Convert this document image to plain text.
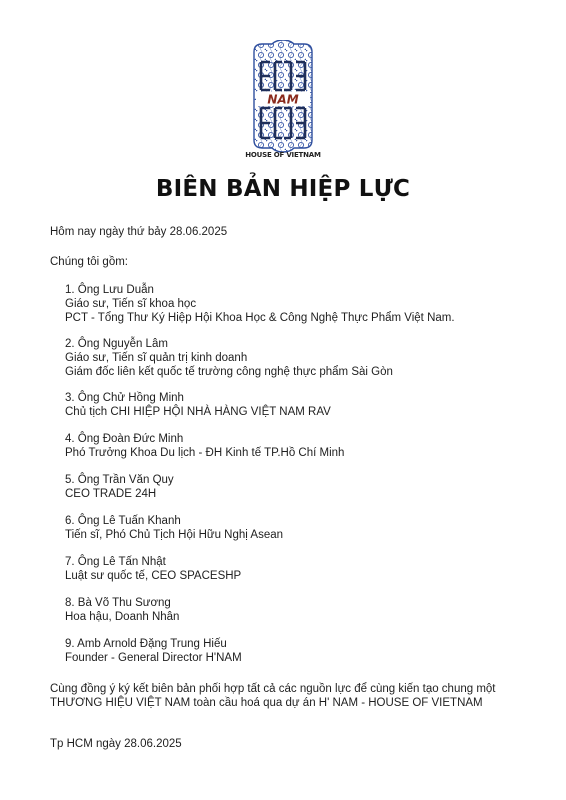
NAM
HOUSE OF VIETNAM
BIÊN BẢN HIỆP LỰC
Hôm nay ngày thứ bảy 28.06.2025
Chúng tôi gồm:
1. Ông Lưu Duẫn
Giáo sư, Tiến sĩ khoa học
PCT - Tổng Thư Ký Hiệp Hội Khoa Học & Công Nghệ Thực Phẩm Việt Nam.
2. Ông Nguyễn Lâm
Giáo sư, Tiến sĩ quản trị kinh doanh
Giám đốc liên kết quốc tế trường công nghệ thực phẩm Sài Gòn
3. Ông Chử Hồng Minh
Chủ tịch CHI HIỆP HỘI NHÀ HÀNG VIỆT NAM RAV
4. Ông Đoàn Đức Minh
Phó Trưởng Khoa Du lịch - ĐH Kinh tế TP.Hồ Chí Minh
5. Ông Trần Văn Quy
CEO TRADE 24H
6. Ông Lê Tuấn Khanh
Tiến sĩ, Phó Chủ Tịch Hội Hữu Nghị Asean
7. Ông Lê Tấn Nhật
Luật sư quốc tế, CEO SPACESHP
8. Bà Võ Thu Sương
Hoa hậu, Doanh Nhân
9. Amb Arnold Đặng Trung Hiếu
Founder - General Director H'NAM
Cùng đồng ý ký kết biên bản phối hợp tất cả các nguồn lực để cùng kiến tạo chung một THƯƠNG HIỆU VIỆT NAM toàn cầu hoá qua dự án H' NAM - HOUSE OF VIETNAM
Tp HCM ngày 28.06.2025
